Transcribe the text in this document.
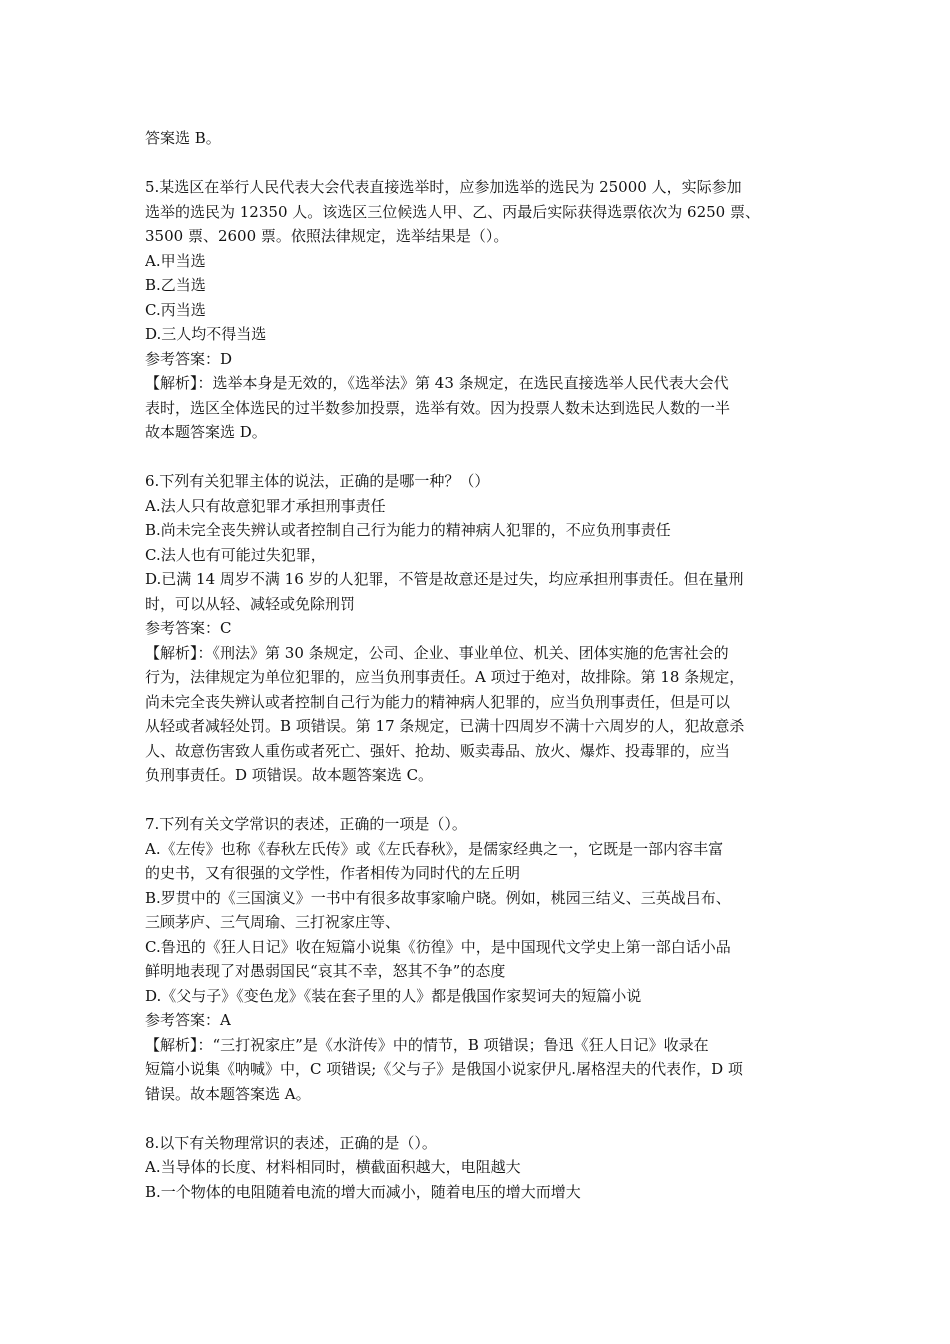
答案选 B。
5.某选区在举行人民代表大会代表直接选举时，应参加选举的选民为 25000 人，实际参加
选举的选民为 12350 人。该选区三位候选人甲、乙、丙最后实际获得选票依次为 6250 票、
3500 票、2600 票。依照法律规定，选举结果是（）。
A.甲当选
B.乙当选
C.丙当选
D.三人均不得当选
参考答案：D
【解析】：选举本身是无效的，《选举法》第 43 条规定，在选民直接选举人民代表大会代
表时，选区全体选民的过半数参加投票，选举有效。因为投票人数未达到选民人数的一半
故本题答案选 D。
6.下列有关犯罪主体的说法，正确的是哪一种？（）
A.法人只有故意犯罪才承担刑事责任
B.尚未完全丧失辨认或者控制自己行为能力的精神病人犯罪的，不应负刑事责任
C.法人也有可能过失犯罪，
D.已满 14 周岁不满 16 岁的人犯罪，不管是故意还是过失，均应承担刑事责任。但在量刑
时，可以从轻、减轻或免除刑罚
参考答案：C
【解析】：《刑法》第 30 条规定，公司、企业、事业单位、机关、团体实施的危害社会的
行为，法律规定为单位犯罪的，应当负刑事责任。A 项过于绝对，故排除。第 18 条规定，
尚未完全丧失辨认或者控制自己行为能力的精神病人犯罪的，应当负刑事责任，但是可以
从轻或者减轻处罚。B 项错误。第 17 条规定，已满十四周岁不满十六周岁的人，犯故意杀
人、故意伤害致人重伤或者死亡、强奸、抢劫、贩卖毒品、放火、爆炸、投毒罪的，应当
负刑事责任。D 项错误。故本题答案选 C。
7.下列有关文学常识的表述，正确的一项是（）。
A.《左传》也称《春秋左氏传》或《左氏春秋》，是儒家经典之一，它既是一部内容丰富
的史书，又有很强的文学性，作者相传为同时代的左丘明
B.罗贯中的《三国演义》一书中有很多故事家喻户晓。例如，桃园三结义、三英战吕布、
三顾茅庐、三气周瑜、三打祝家庄等、
C.鲁迅的《狂人日记》收在短篇小说集《彷徨》中，是中国现代文学史上第一部白话小品
鲜明地表现了对愚弱国民“哀其不幸，怒其不争”的态度
D.《父与子》《变色龙》《装在套子里的人》都是俄国作家契诃夫的短篇小说
参考答案：A
【解析】：“三打祝家庄”是《水浒传》中的情节，B 项错误；鲁迅《狂人日记》收录在
短篇小说集《呐喊》中，C 项错误;《父与子》是俄国小说家伊凡.屠格涅夫的代表作，D 项
错误。故本题答案选 A。
8.以下有关物理常识的表述，正确的是（）。
A.当导体的长度、材料相同时，横截面积越大，电阻越大
B.一个物体的电阻随着电流的增大而减小，随着电压的增大而增大
